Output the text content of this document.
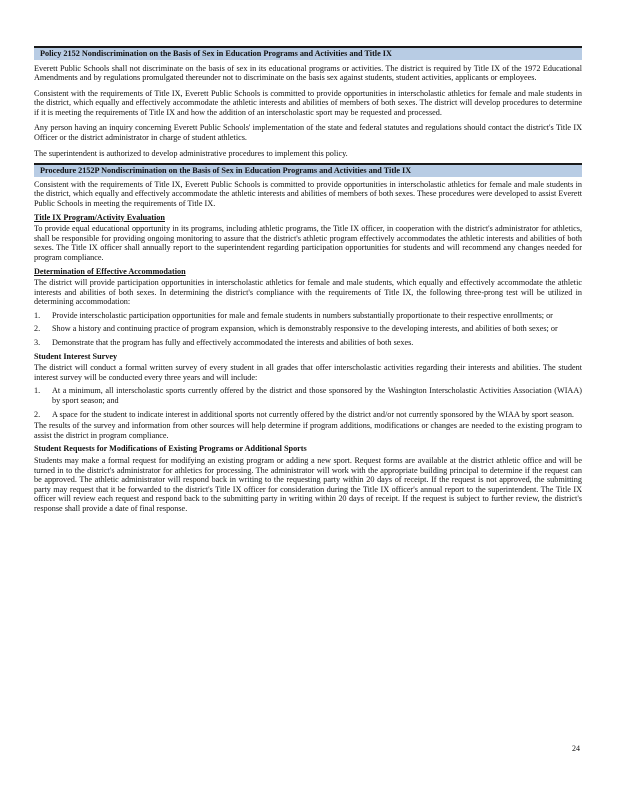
Policy 2152 Nondiscrimination on the Basis of Sex in Education Programs and Activities and Title IX

Everett Public Schools shall not discriminate on the basis of sex in its educational programs or activities. The district is required by Title IX of the 1972 Educational Amendments and by regulations promulgated thereunder not to discriminate on the basis sex against students, student activities, applicants or employees.

Consistent with the requirements of Title IX, Everett Public Schools is committed to provide opportunities in interscholastic athletics for female and male students in the district, which equally and effectively accommodate the athletic interests and abilities of members of both sexes. The district will develop procedures to determine if it is meeting the requirements of Title IX and how the addition of an interscholastic sport may be requested and processed.

Any person having an inquiry concerning Everett Public Schools' implementation of the state and federal statutes and regulations should contact the district's Title IX Officer or the district administrator in charge of student athletics.

The superintendent is authorized to develop administrative procedures to implement this policy.

Procedure 2152P Nondiscrimination on the Basis of Sex in Education Programs and Activities and Title IX

Consistent with the requirements of Title IX, Everett Public Schools is committed to provide opportunities in interscholastic athletics for female and male students in the district, which equally and effectively accommodate the athletic interests and abilities of members of both sexes. These procedures were developed to assist Everett Public Schools in meeting the requirements of Title IX.

Title IX Program/Activity Evaluation

To provide equal educational opportunity in its programs, including athletic programs, the Title IX officer, in cooperation with the district's administrator for athletics, shall be responsible for providing ongoing monitoring to assure that the district's athletic program effectively accommodates the athletic interests and abilities of both sexes. The Title IX officer shall annually report to the superintendent regarding participation opportunities for students and will recommend any changes needed for program compliance.

Determination of Effective Accommodation

The district will provide participation opportunities in interscholastic athletics for female and male students, which equally and effectively accommodate the athletic interests and abilities of both sexes. In determining the district's compliance with the requirements of Title IX, the following three-prong test will be utilized in determining accommodation:

1.	Provide interscholastic participation opportunities for male and female students in numbers substantially proportionate to their respective enrollments; or
2.	Show a history and continuing practice of program expansion, which is demonstrably responsive to the developing interests, and abilities of both sexes; or
3.	Demonstrate that the program has fully and effectively accommodated the interests and abilities of both sexes.

Student Interest Survey

The district will conduct a formal written survey of every student in all grades that offer interscholastic activities regarding their interests and abilities. The student interest survey will be conducted every three years and will include:

1.	At a minimum, all interscholastic sports currently offered by the district and those sponsored by the Washington Interscholastic Activities Association (WIAA) by sport season; and
2.	A space for the student to indicate interest in additional sports not currently offered by the district and/or not currently sponsored by the WIAA by sport season.

The results of the survey and information from other sources will help determine if program additions, modifications or changes are needed to the existing program to assist the district in program compliance.

Student Requests for Modifications of Existing Programs or Additional Sports

Students may make a formal request for modifying an existing program or adding a new sport. Request forms are available at the district athletic office and will be turned in to the district's administrator for athletics for processing. The administrator will work with the appropriate building principal to determine if the request can be approved. The athletic administrator will respond back in writing to the requesting party within 20 days of receipt. If the request is not approved, the submitting party may request that it be forwarded to the district's Title IX officer for consideration during the Title IX officer's annual report to the superintendent. The Title IX officer will review each request and respond back to the submitting party in writing within 20 days of receipt. If the request is subject to further review, the district's response shall provide a date of final response.

24
